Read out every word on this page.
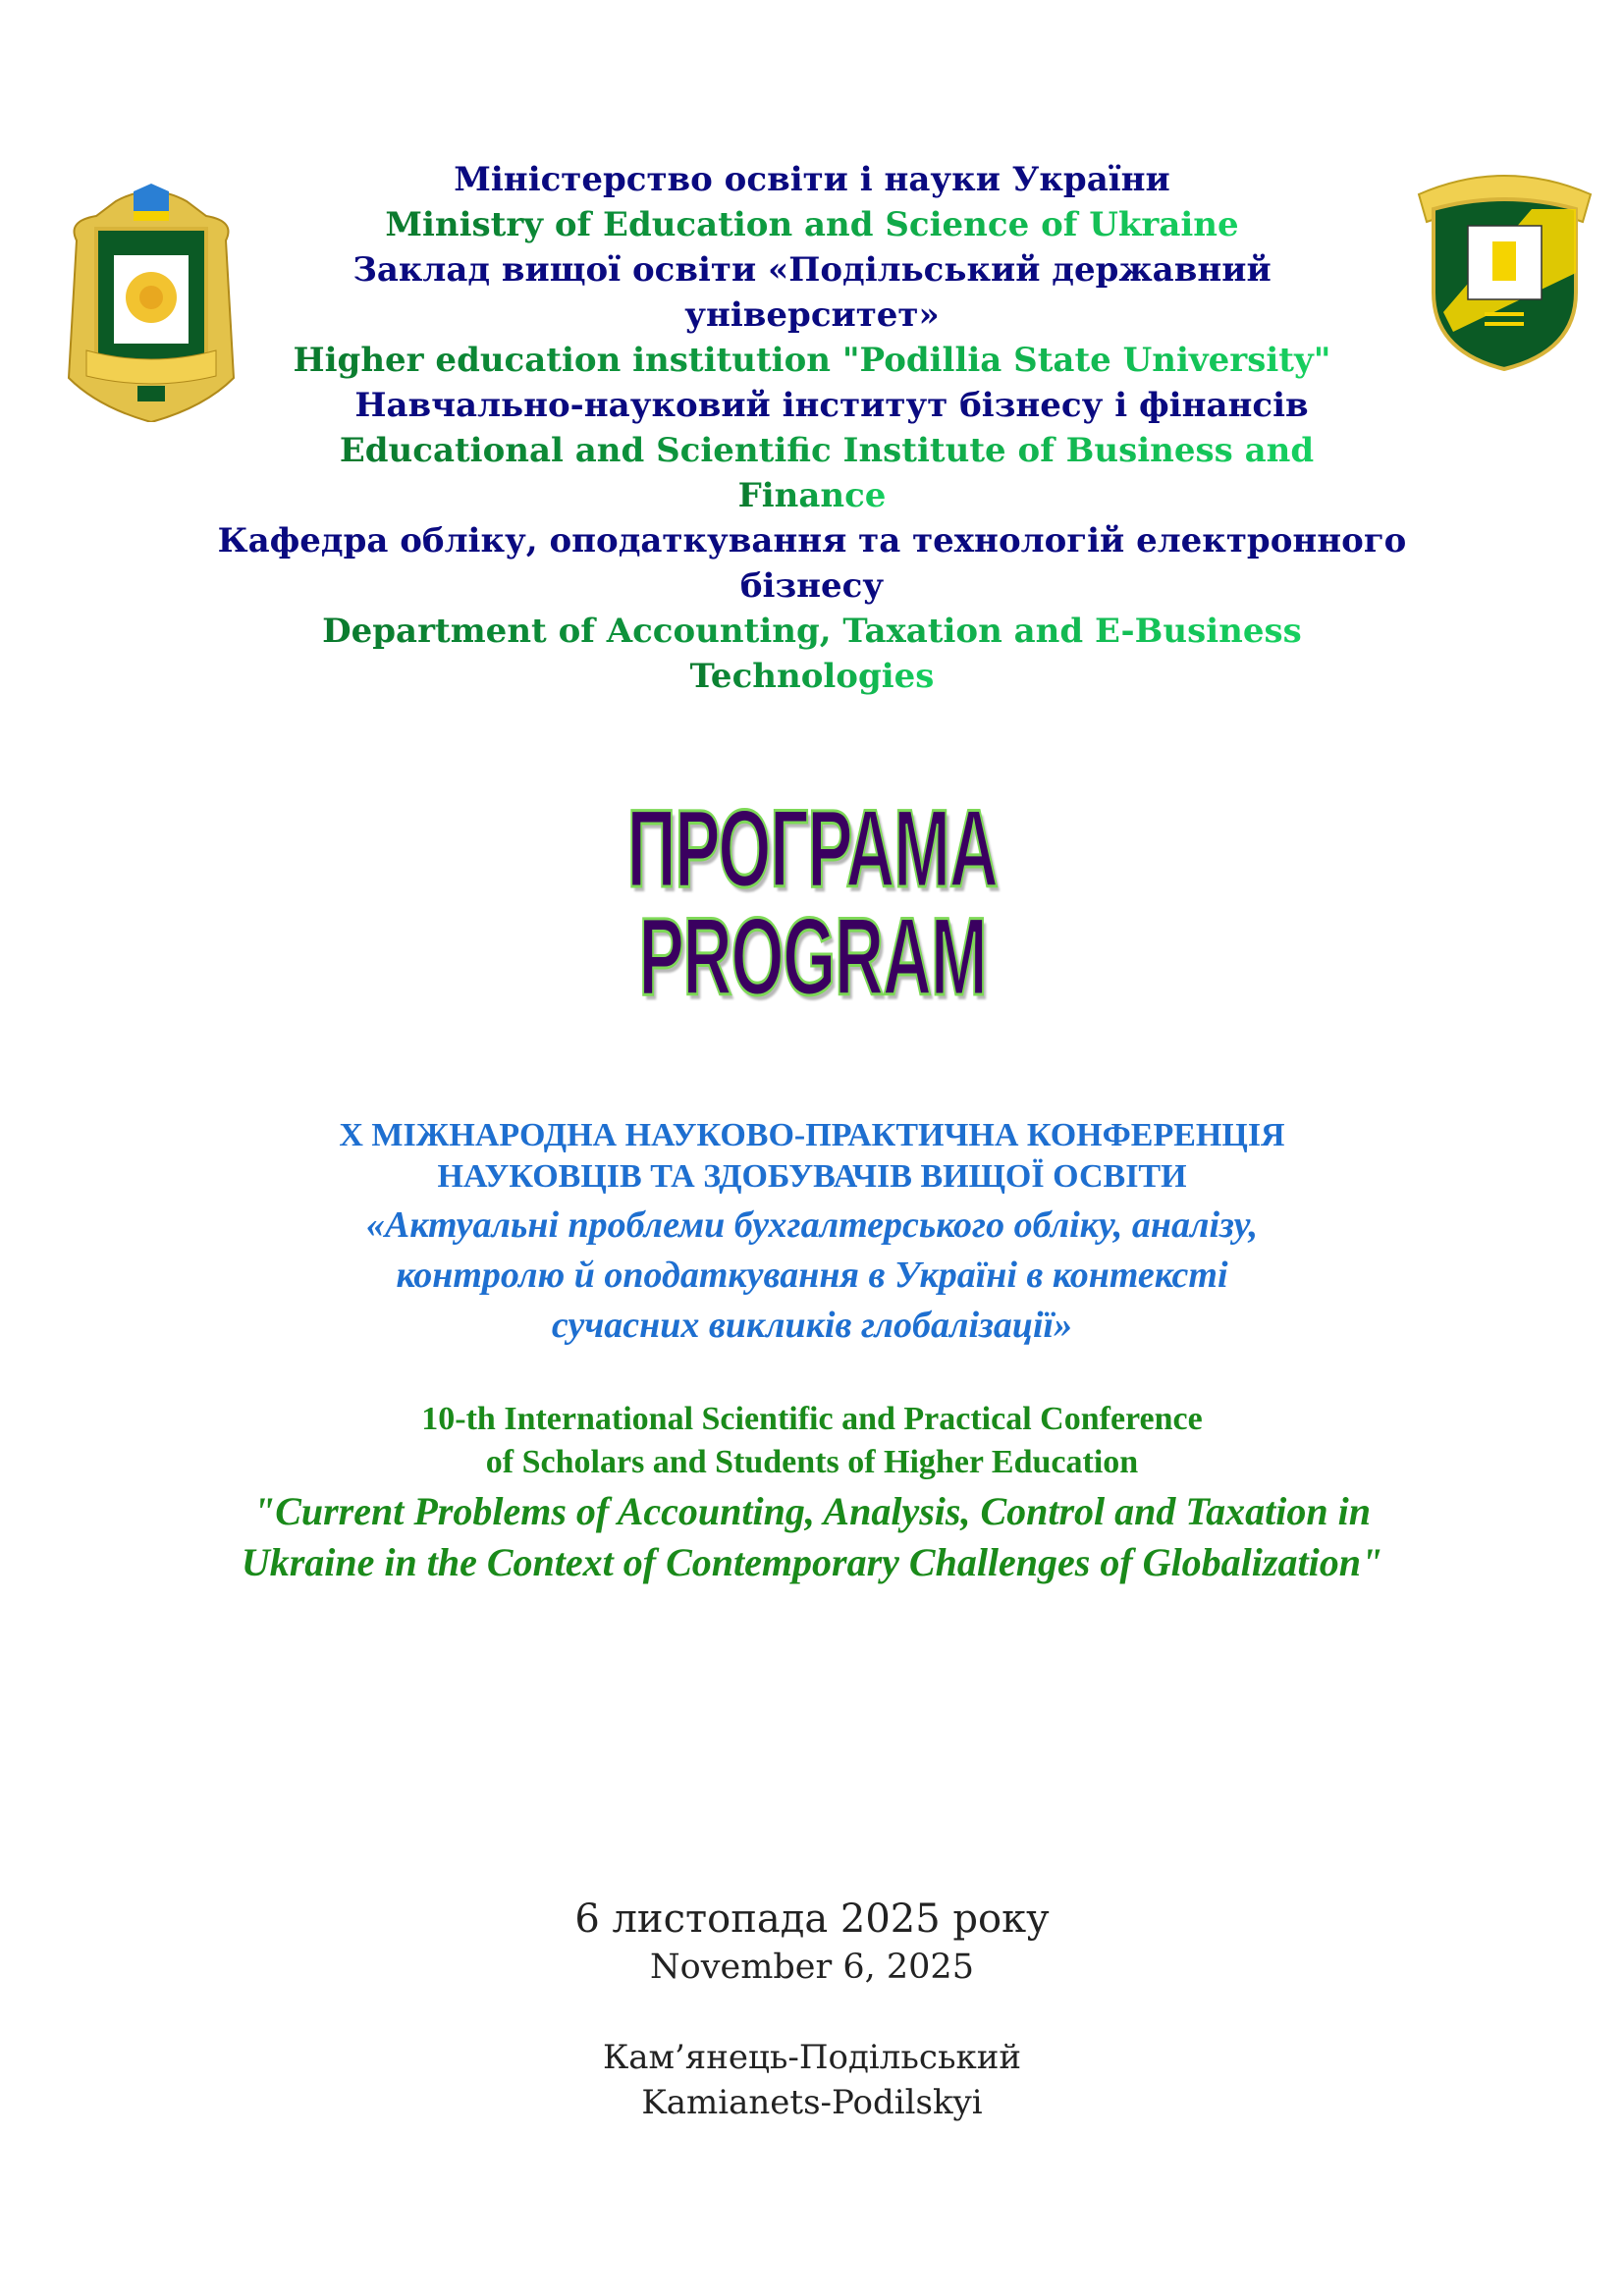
Міністерство освіти і науки України
Ministry of Education and Science of Ukraine
Заклад вищої освіти «Подільський державний
університет»
Higher education institution "Podillia State University"
Навчально-науковий інститут бізнесу і фінансів
Educational and Scientific Institute of Business and
Finance
Кафедра обліку, оподаткування та технологій електронного
бізнесу
Department of Accounting, Taxation and E-Business
Technologies
ПРОГРАМА
PROGRAM
X МІЖНАРОДНА НАУКОВО-ПРАКТИЧНА КОНФЕРЕНЦІЯ
НАУКОВЦІВ ТА ЗДОБУВАЧІВ ВИЩОЇ ОСВІТИ
«Актуальні проблеми бухгалтерського обліку, аналізу,
контролю й оподаткування в Україні в контексті
сучасних викликів глобалізації»
10-th International Scientific and Practical Conference
of Scholars and Students of Higher Education
"Current Problems of Accounting, Analysis, Control and Taxation in
Ukraine in the Context of Contemporary Challenges of Globalization"
6 листопада 2025 року
November 6, 2025
Кам’янець-Подільський
Kamianets-Podilskyi
